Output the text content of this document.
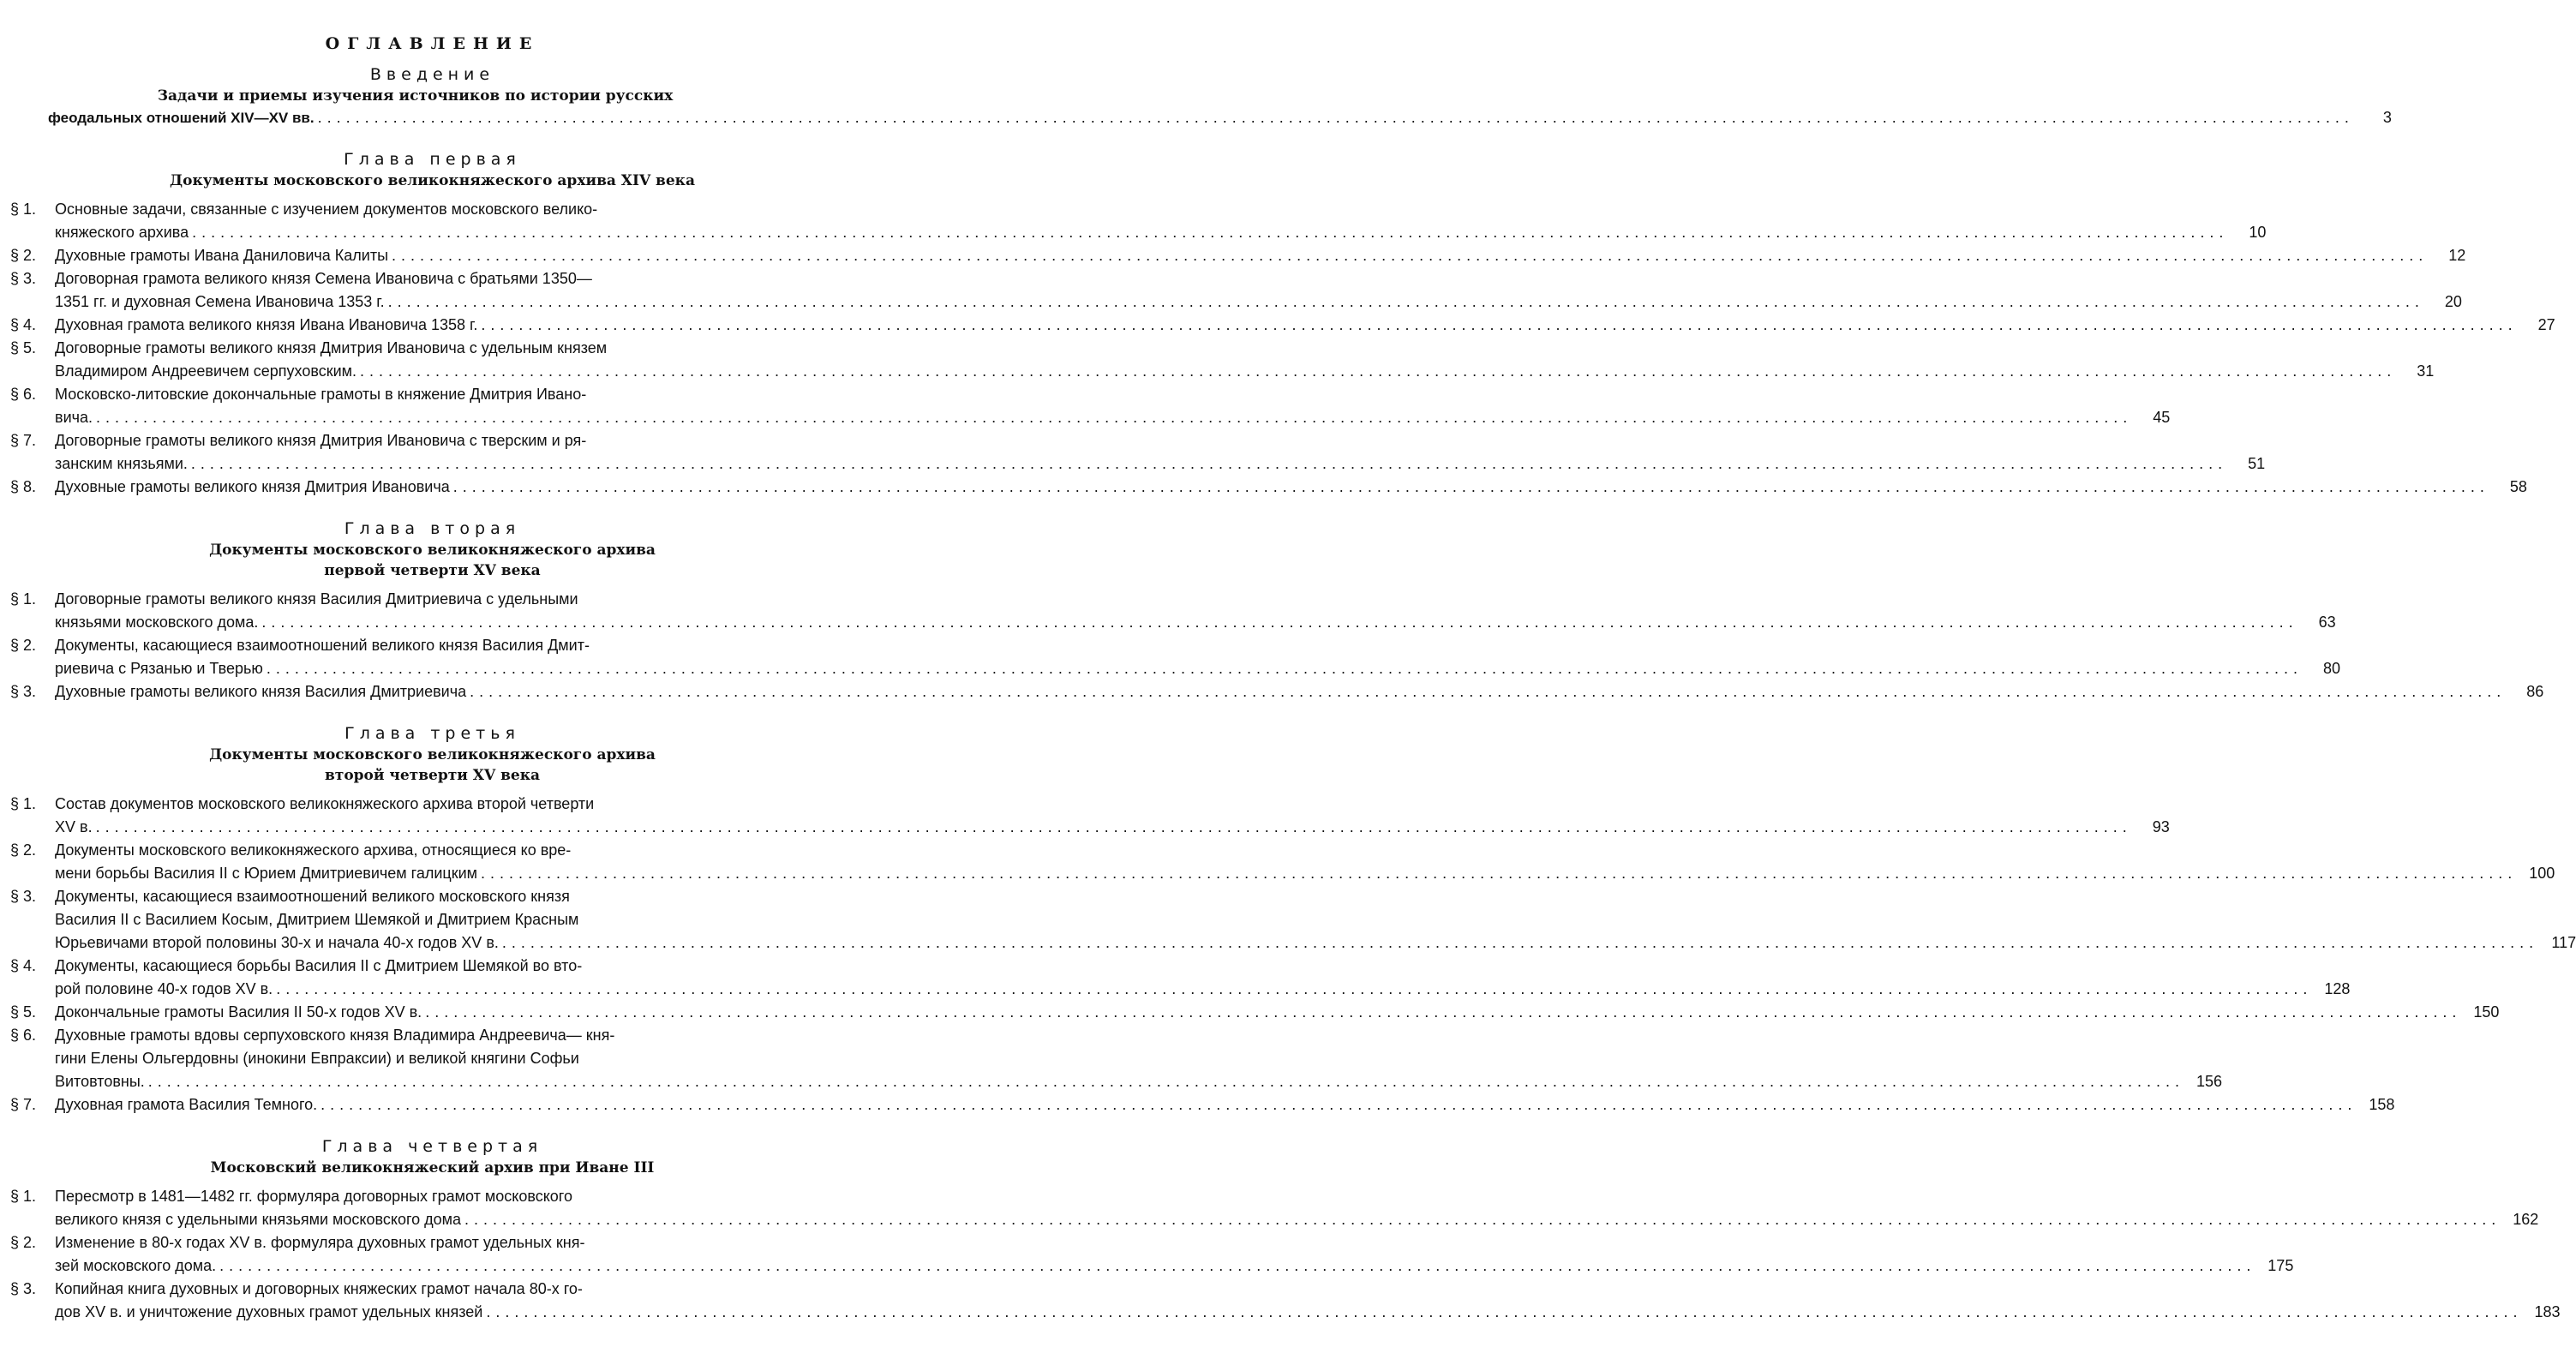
ОГЛАВЛЕНИЕ
Введение
Задачи и приемы изучения источников по истории русских
феодальных отношений XIV—XV вв. .....	3
Глава первая
Документы московского великокняжеского архива XIV века
§ 1.	Основные задачи, связанные с изучением документов московского велико-
княжеского архива .....	10
§ 2.	Духовные грамоты Ивана Даниловича Калиты .....	12
§ 3.	Договорная грамота великого князя Семена Ивановича с братьями 1350—
1351 гг. и духовная Семена Ивановича 1353 г. .....	20
§ 4.	Духовная грамота великого князя Ивана Ивановича 1358 г. .....	27
§ 5.	Договорные грамоты великого князя Дмитрия Ивановича с удельным князем
Владимиром Андреевичем серпуховским. .....	31
§ 6.	Московско-литовские докончальные грамоты в княжение Дмитрия Ивано-
вича. .....	45
§ 7.	Договорные грамоты великого князя Дмитрия Ивановича с тверским и ря-
занским князьями. .....	51
§ 8.	Духовные грамоты великого князя Дмитрия Ивановича .....	58
Глава вторая
Документы московского великокняжеского архива
первой четверти XV века
§ 1.	Договорные грамоты великого князя Василия Дмитриевича с удельными
князьями московского дома. .....	63
§ 2.	Документы, касающиеся взаимоотношений великого князя Василия Дмит-
риевича с Рязанью и Тверью .....	80
§ 3.	Духовные грамоты великого князя Василия Дмитриевича .....	86
Глава третья
Документы московского великокняжеского архива
второй четверти XV века
§ 1.	Состав документов московского великокняжеского архива второй четверти
XV в. .....	93
§ 2.	Документы московского великокняжеского архива, относящиеся ко вре-
мени борьбы Василия II с Юрием Дмитриевичем галицким .....	100
§ 3.	Документы, касающиеся взаимоотношений великого московского князя
Василия II с Василием Косым, Дмитрием Шемякой и Дмитрием Красным
Юрьевичами второй половины 30-х и начала 40-х годов XV в. .....	117
§ 4.	Документы, касающиеся борьбы Василия II с Дмитрием Шемякой во вто-
рой половине 40-х годов XV в. .....	128
§ 5.	Докончальные грамоты Василия II 50-х годов XV в. .....	150
§ 6.	Духовные грамоты вдовы серпуховского князя Владимира Андреевича— кня-
гини Елены Ольгердовны (инокини Евпраксии) и великой княгини Софьи
Витовтовны. .....	156
§ 7.	Духовная грамота Василия Темного. .....	158
Глава четвертая
Московский великокняжеский архив при Иване III
§ 1.	Пересмотр в 1481—1482 гг. формуляра договорных грамот московского
великого князя с удельными князьями московского дома .....	162
§ 2.	Изменение в 80-х годах XV в. формуляра духовных грамот удельных кня-
зей московского дома. .....	175
§ 3.	Копийная книга духовных и договорных княжеских грамот начала 80-х го-
дов XV в. и уничтожение духовных грамот удельных князей .....	183
